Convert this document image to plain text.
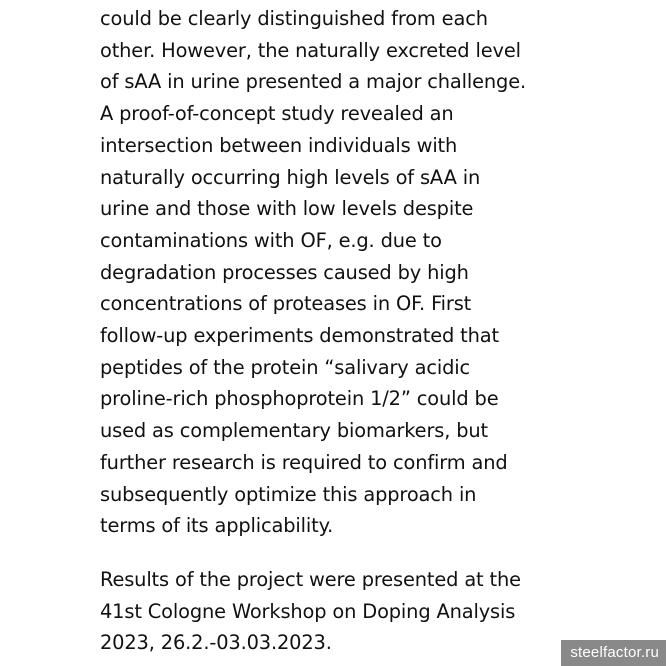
could be clearly distinguished from each

other. However, the naturally excreted level

of sAA in urine presented a major challenge.

A proof-of-concept study revealed an

intersection between individuals with

naturally occurring high levels of sAA in

urine and those with low levels despite

contaminations with OF, e.g. due to

degradation processes caused by high

concentrations of proteases in OF. First

follow-up experiments demonstrated that

peptides of the protein “salivary acidic

proline-rich phosphoprotein 1/2” could be

used as complementary biomarkers, but

further research is required to confirm and

subsequently optimize this approach in

terms of its applicability.

Results of the project were presented at the

41st Cologne Workshop on Doping Analysis

2023, 26.2.-03.03.2023.	steelfactor.ru
